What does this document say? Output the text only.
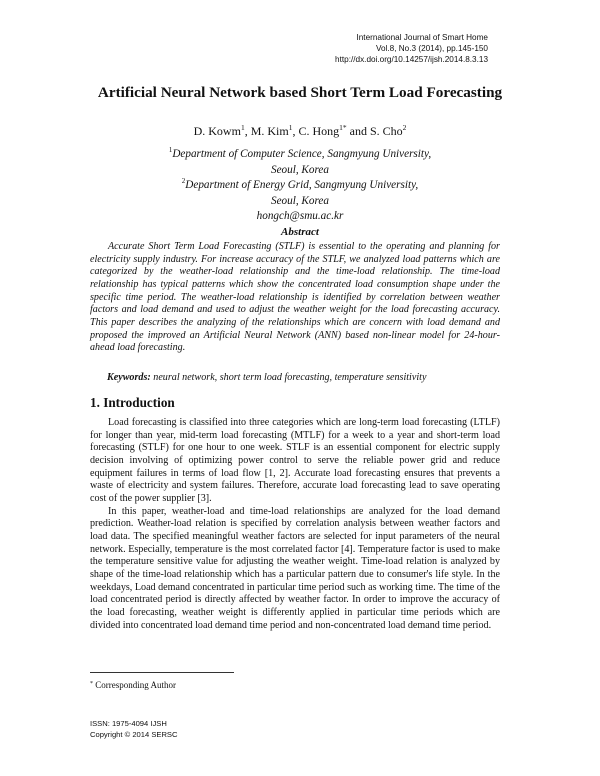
International Journal of Smart Home
Vol.8, No.3 (2014), pp.145-150
http://dx.doi.org/10.14257/ijsh.2014.8.3.13
Artificial Neural Network based Short Term Load Forecasting
D. Kowm$^1$, M. Kim$^1$, C. Hong$^{1*}$ and S. Cho$^2$
$^1$Department of Computer Science, Sangmyung University,
Seoul, Korea
$^2$Department of Energy Grid, Sangmyung University,
Seoul, Korea
hongch@smu.ac.kr
Abstract

Accurate Short Term Load Forecasting (STLF) is essential to the operating and planning for electricity supply industry. For increase accuracy of the STLF, we analyzed load patterns which are categorized by the weather-load relationship and the time-load relationship. The time-load relationship has typical patterns which show the concentrated load consumption shape under the specific time period. The weather-load relationship is identified by correlation between weather factors and load demand and used to adjust the weather weight for the load forecasting accuracy. This paper describes the analyzing of the relationships which are concern with load demand and proposed the improved an Artificial Neural Network (ANN) based non-linear model for 24-hour-ahead load forecasting.

Keywords: neural network, short term load forecasting, temperature sensitivity
1. Introduction

Load forecasting is classified into three categories which are long-term load forecasting (LTLF) for longer than year, mid-term load forecasting (MTLF) for a week to a year and short-term load forecasting (STLF) for one hour to one week. STLF is an essential component for electric supply decision involving of optimizing power control to serve the reliable power grid and reduce equipment failures in terms of load flow [1, 2]. Accurate load forecasting ensures that prevents a waste of electricity and system failures. Therefore, accurate load forecasting lead to save operating cost of the power supplier [3].

In this paper, weather-load and time-load relationships are analyzed for the load demand prediction. Weather-load relation is specified by correlation analysis between weather factors and load data. The specified meaningful weather factors are selected for input parameters of the neural network. Especially, temperature is the most correlated factor [4]. Temperature factor is used to make the temperature sensitive value for adjusting the weather weight. Time-load relation is analyzed by shape of the time-load relationship which has a particular pattern due to consumer's life style. In the weekdays, Load demand concentrated in particular time period such as working time. The time of the load concentrated period is directly affected by weather factor. In order to improve the accuracy of the load forecasting, weather weight is differently applied in particular time periods which are divided into concentrated load demand time period and non-concentrated load demand time period.

* Corresponding Author
ISSN: 1975-4094 IJSH
Copyright © 2014 SERSC
